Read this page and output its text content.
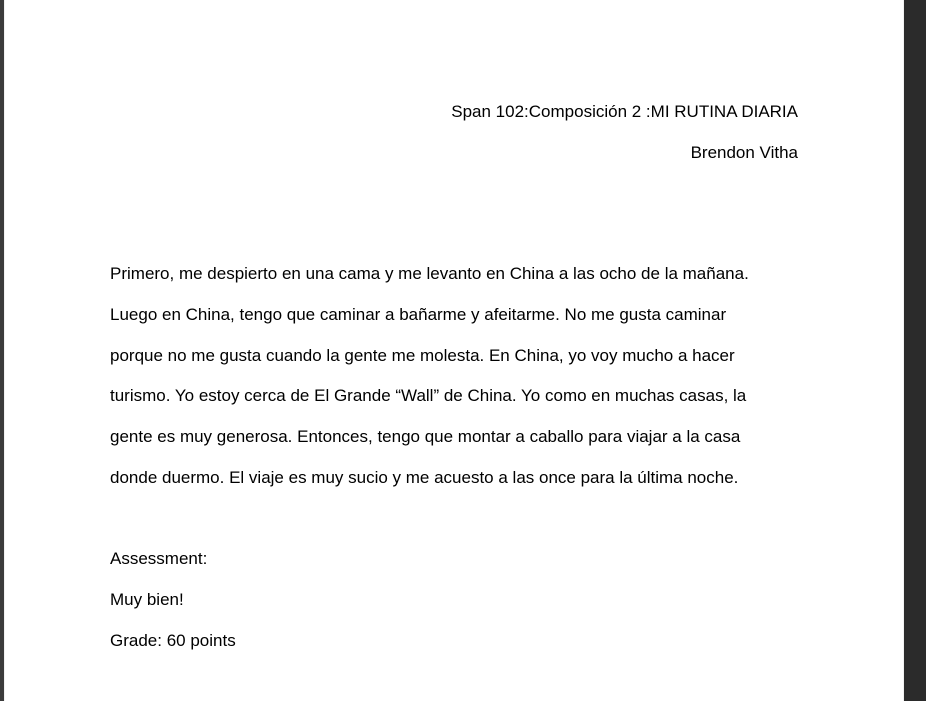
Span 102:Composición 2 :MI RUTINA DIARIA
Brendon Vitha
Primero, me despierto en una cama y me levanto en China a las ocho de la mañana.
Luego en China, tengo que caminar a bañarme y afeitarme. No me gusta caminar
porque no me gusta cuando la gente me molesta. En China, yo voy mucho a hacer
turismo. Yo estoy cerca de El Grande “Wall” de China. Yo como en muchas casas, la
gente es muy generosa. Entonces, tengo que montar a caballo para viajar a la casa
donde duermo. El viaje es muy sucio y me acuesto a las once para la última noche.
Assessment:
Muy bien!
Grade: 60 points
